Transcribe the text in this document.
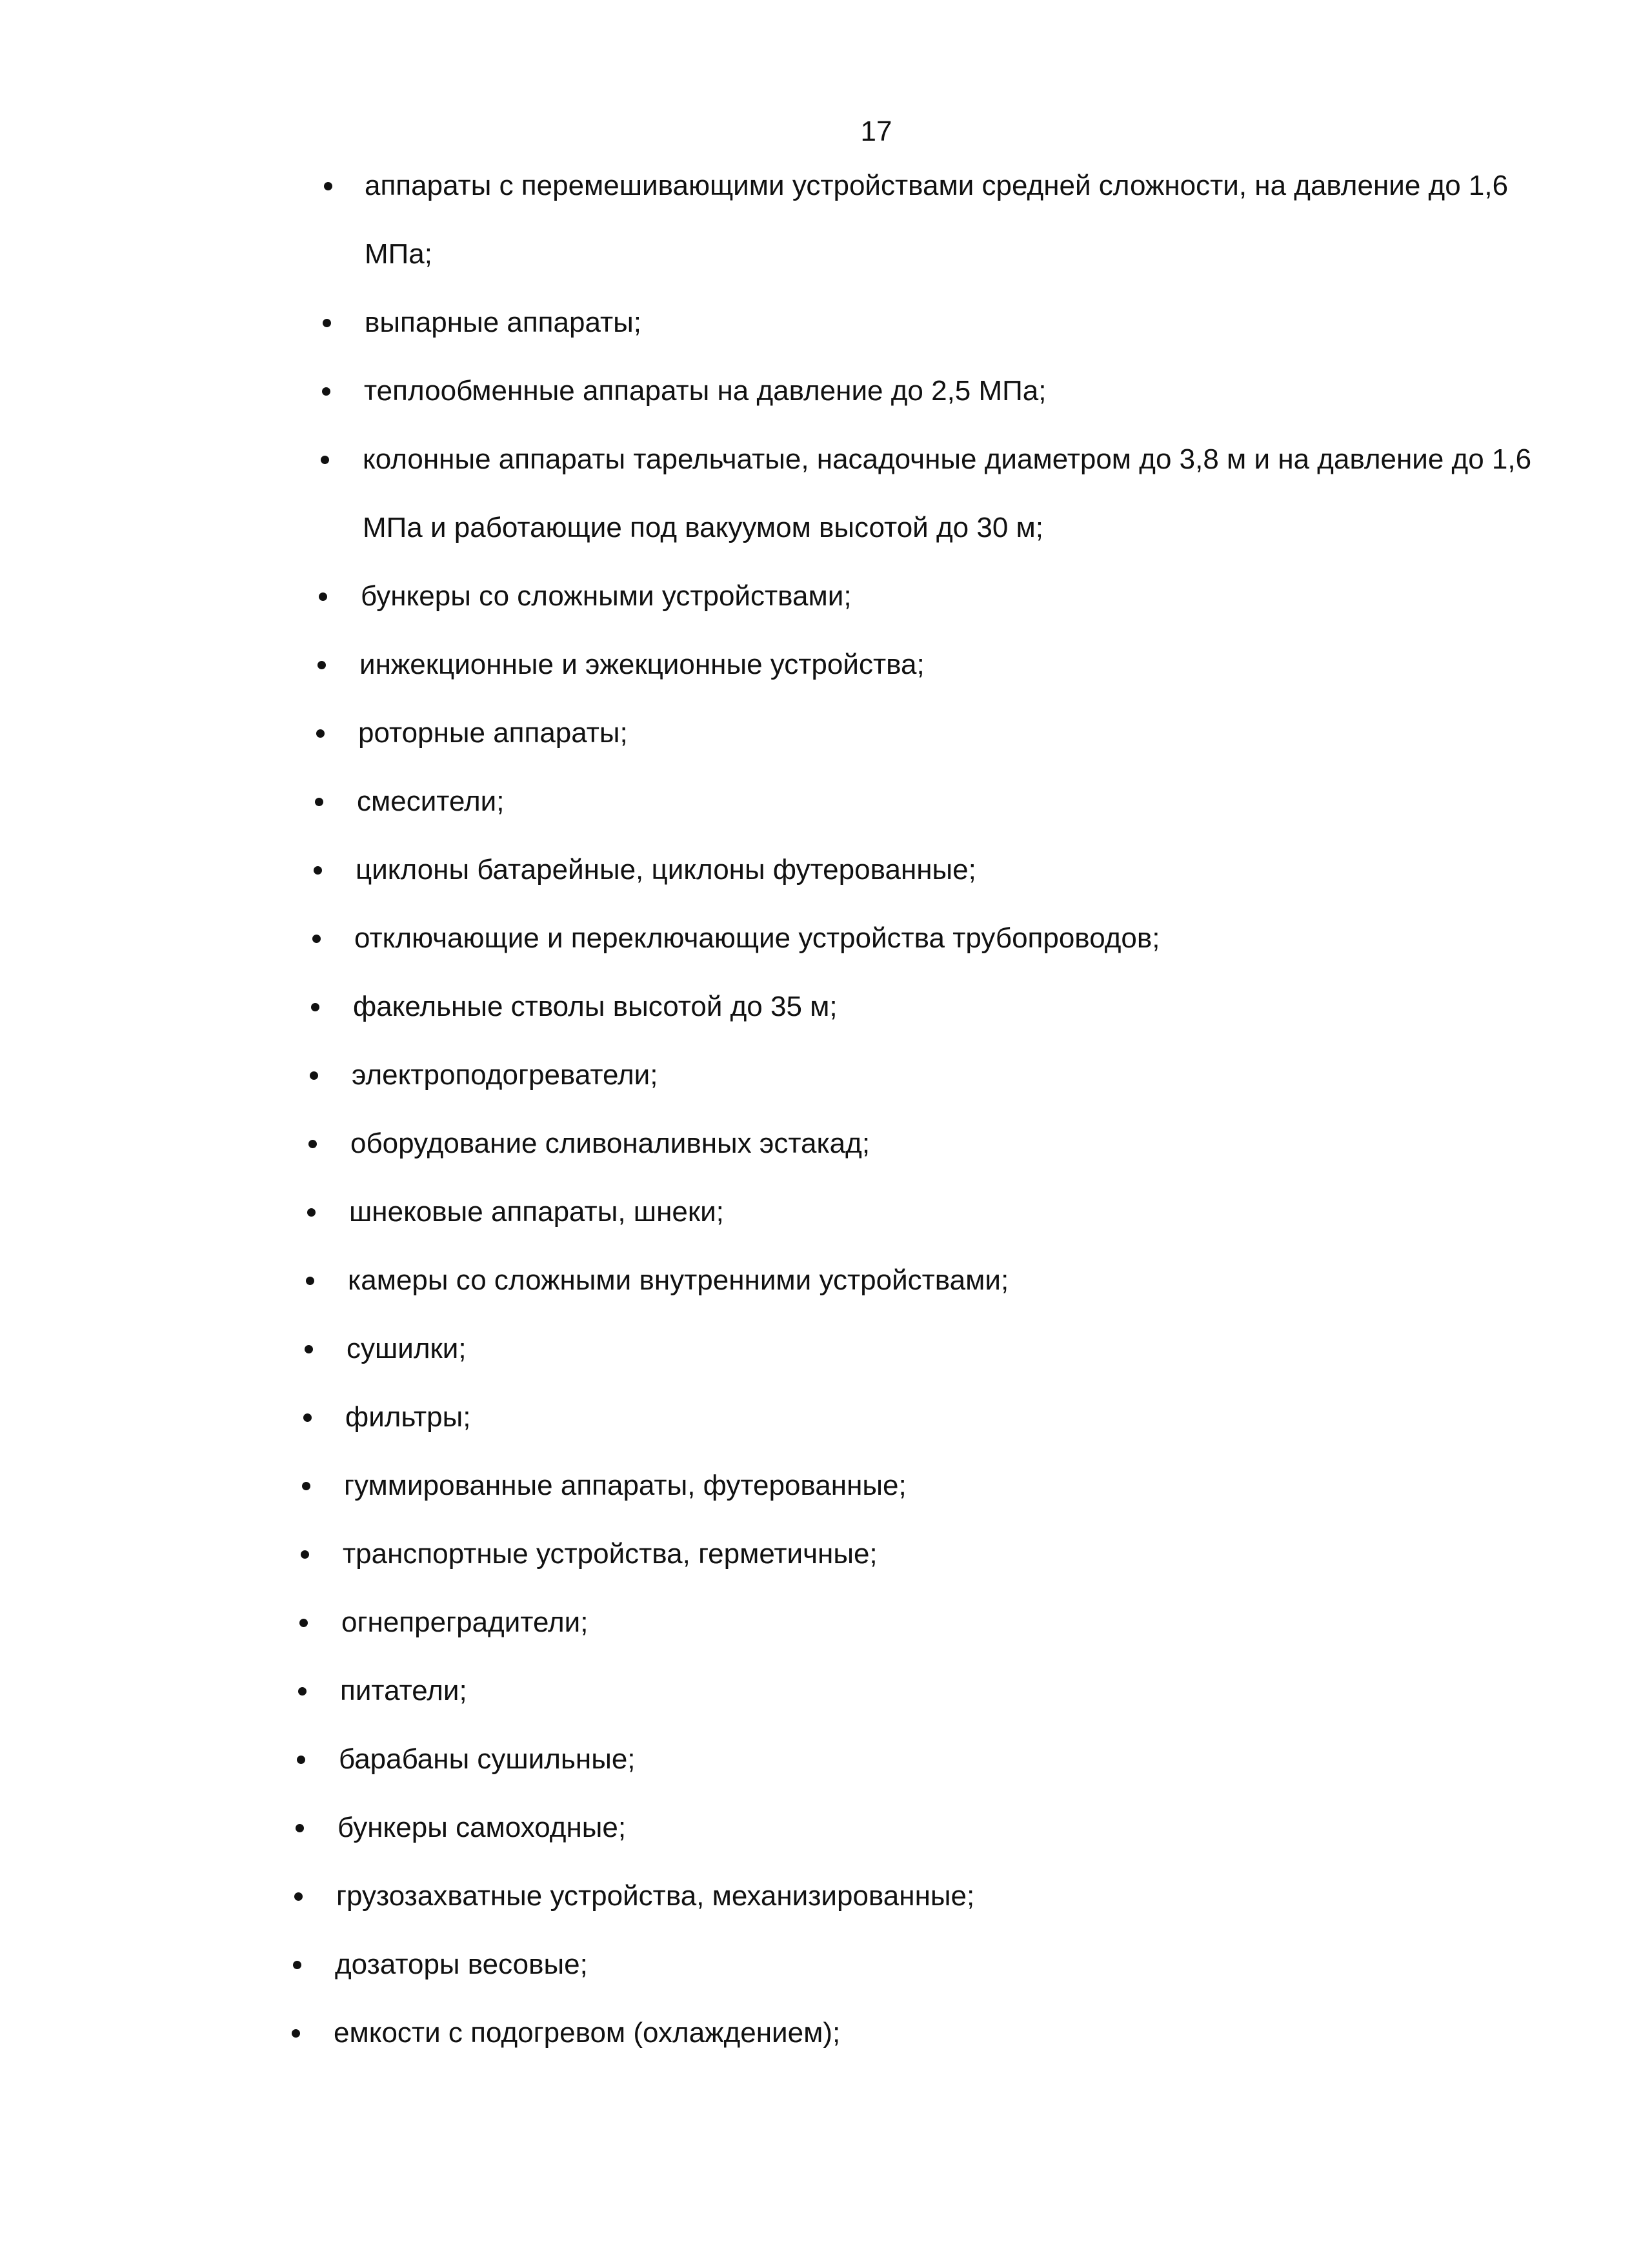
17
аппараты с перемешивающими устройствами средней сложности, на давление до 1,6 МПа;
выпарные аппараты;
теплообменные аппараты на давление до 2,5 МПа;
колонные аппараты тарельчатые, насадочные диаметром до 3,8 м и на давление до 1,6 МПа и работающие под вакуумом высотой до 30 м;
бункеры со сложными устройствами;
инжекционные и эжекционные устройства;
роторные аппараты;
смесители;
циклоны батарейные, циклоны футерованные;
отключающие и переключающие устройства трубопроводов;
факельные стволы высотой до 35 м;
электроподогреватели;
оборудование сливоналивных эстакад;
шнековые аппараты, шнеки;
камеры со сложными внутренними устройствами;
сушилки;
фильтры;
гуммированные аппараты, футерованные;
транспортные устройства, герметичные;
огнепреградители;
питатели;
барабаны сушильные;
бункеры самоходные;
грузозахватные устройства, механизированные;
дозаторы весовые;
емкости с подогревом (охлаждением);
